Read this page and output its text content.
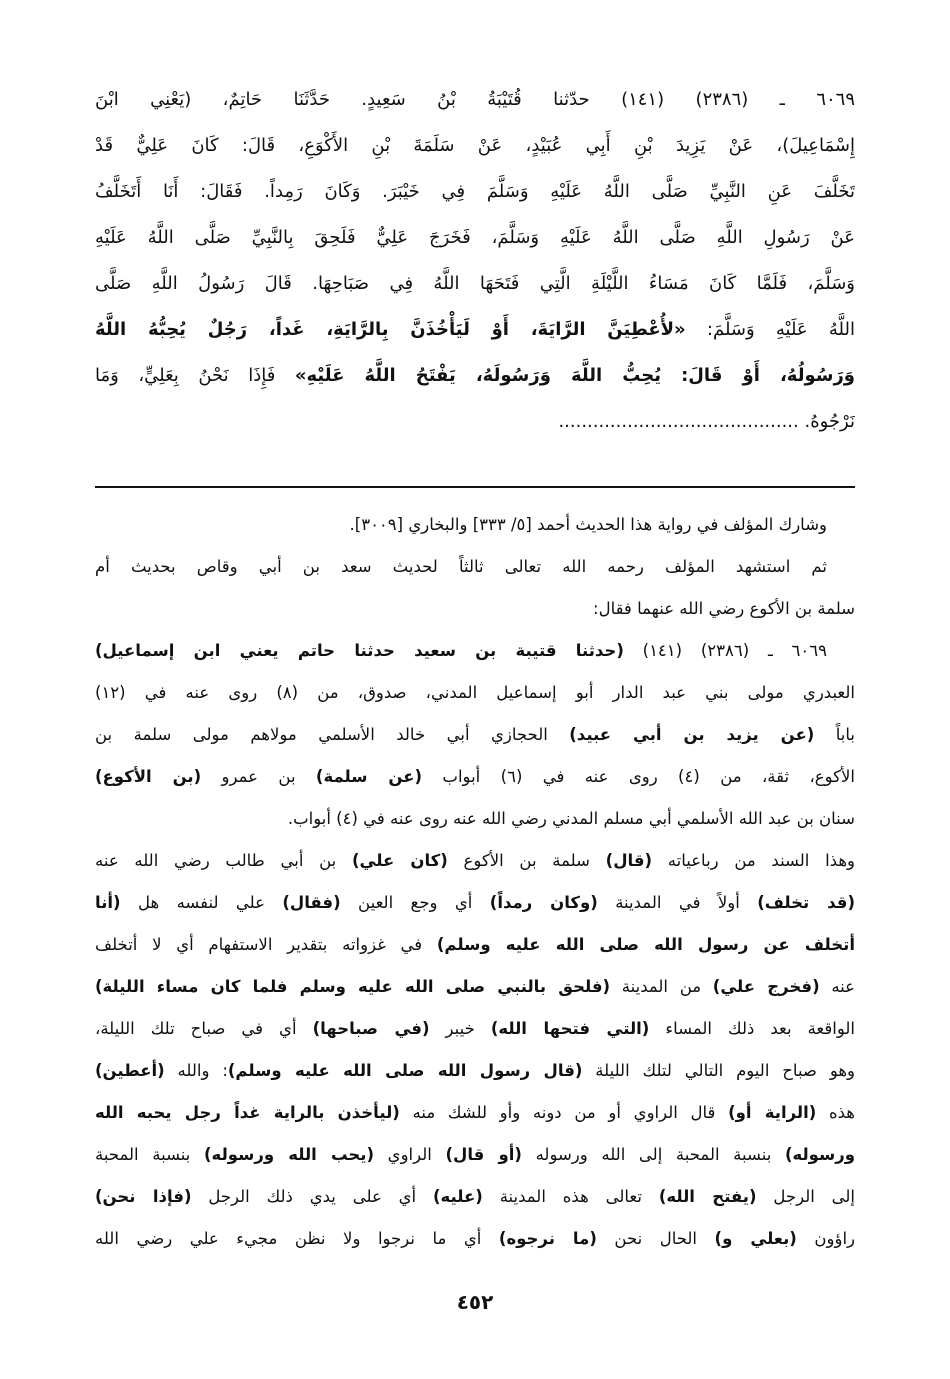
٦٠٦٩ ـ (٢٣٨٦) (١٤١) حدّثنا قُتَيْبَةُ بْنُ سَعِيدٍ. حَدَّثَنَا حَاتِمٌ، (يَعْنِي ابْنَ
إِسْمَاعِيلَ)، عَنْ يَزِيدَ بْنِ أَبِي عُبَيْدٍ، عَنْ سَلَمَةَ بْنِ الأَكْوَعِ، قَالَ: كَانَ عَلِيٌّ قَدْ
تَخَلَّفَ عَنِ النَّبِيِّ صَلَّى اللَّهُ عَلَيْهِ وَسَلَّمَ فِي خَيْبَرَ. وَكَانَ رَمِداً. فَقَالَ: أَنَا أَتَخَلَّفُ
عَنْ رَسُولِ اللَّهِ صَلَّى اللَّهُ عَلَيْهِ وَسَلَّمَ، فَخَرَجَ عَلِيٌّ فَلَحِقَ بِالنَّبِيِّ صَلَّى اللَّهُ عَلَيْهِ
وَسَلَّمَ، فَلَمَّا كَانَ مَسَاءُ اللَّيْلَةِ الَّتِي فَتَحَهَا اللَّهُ فِي صَبَاحِهَا. قَالَ رَسُولُ اللَّهِ صَلَّى
اللَّهُ عَلَيْهِ وَسَلَّمَ: «لأُعْطِيَنَّ الرَّايَةَ، أَوْ لَيَأْخُذَنَّ بِالرَّايَةِ، غَداً، رَجُلٌ يُحِبُّهُ اللَّهُ
وَرَسُولُهُ، أَوْ قَالَ: يُحِبُّ اللَّهَ وَرَسُولَهُ، يَفْتَحُ اللَّهُ عَلَيْهِ» فَإِذَا نَحْنُ بِعَلِيٍّ، وَمَا
نَرْجُوهُ. ..........................................
وشارك المؤلف في رواية هذا الحديث أحمد [٥/ ٣٣٣] والبخاري [٣٠٠٩].
ثم استشهد المؤلف رحمه الله تعالى ثالثاً لحديث سعد بن أبي وقاص بحديث أم
سلمة بن الأكوع رضي الله عنهما فقال:
٦٠٦٩ ـ (٢٣٨٦) (١٤١) (حدثنا قتيبة بن سعيد حدثنا حاتم يعني ابن إسماعيل)
العبدري مولى بني عبد الدار أبو إسماعيل المدني، صدوق، من (٨) روى عنه في (١٢)
باباً (عن يزيد بن أبي عبيد) الحجازي أبي خالد الأسلمي مولاهم مولى سلمة بن
الأكوع، ثقة، من (٤) روى عنه في (٦) أبواب (عن سلمة) بن عمرو (بن الأكوع)
سنان بن عبد الله الأسلمي أبي مسلم المدني رضي الله عنه روى عنه في (٤) أبواب.
وهذا السند من رباعياته (قال) سلمة بن الأكوع (كان علي) بن أبي طالب رضي الله عنه
(قد تخلف) أولاً في المدينة (وكان رمداً) أي وجع العين (فقال) علي لنفسه هل (أنا
أتخلف عن رسول الله صلى الله عليه وسلم) في غزواته بتقدير الاستفهام أي لا أتخلف
عنه (فخرج علي) من المدينة (فلحق بالنبي صلى الله عليه وسلم فلما كان مساء الليلة)
الواقعة بعد ذلك المساء (التي فتحها الله) خيبر (في صباحها) أي في صباح تلك الليلة،
وهو صباح اليوم التالي لتلك الليلة (قال رسول الله صلى الله عليه وسلم): والله (أعطين)
هذه (الراية أو) قال الراوي أو من دونه وأو للشك منه (ليأخذن بالراية غداً رجل يحبه الله
ورسوله) بنسبة المحبة إلى الله ورسوله (أو قال) الراوي (يحب الله ورسوله) بنسبة المحبة
إلى الرجل (يفتح الله) تعالى هذه المدينة (عليه) أي على يدي ذلك الرجل (فإذا نحن)
راؤون (بعلي و) الحال نحن (ما نرجوه) أي ما نرجوا ولا نظن مجيء علي رضي الله
٤٥٢
